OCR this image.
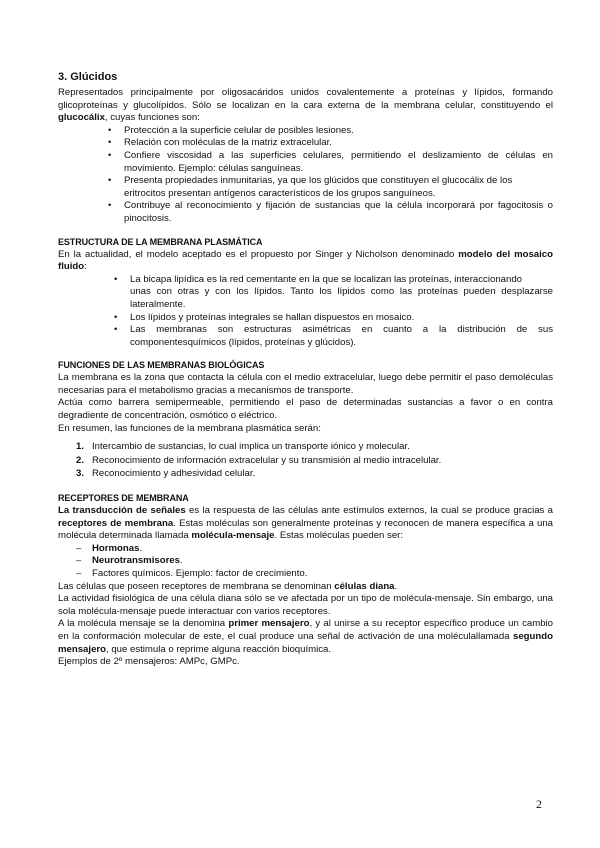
3. Glúcidos

Representados principalmente por oligosacáridos unidos covalentemente a proteínas y lípidos, formando glicoproteínas y glucolípidos. Sólo se localizan en la cara externa de la membrana celular, constituyendo el glucocálix, cuyas funciones son:

• Protección a la superficie celular de posibles lesiones.
• Relación con moléculas de la matriz extracelular.
• Confiere viscosidad a las superficies celulares, permitiendo el deslizamiento de células en movimiento. Ejemplo: células sanguíneas.
• Presenta propiedades inmunitarias, ya que los glúcidos que constituyen el glucocálix de los
eritrocitos presentan antígenos característicos de los grupos sanguíneos.
• Contribuye al reconocimiento y fijación de sustancias que la célula incorporará por fagocitosis o pinocitosis.
ESTRUCTURA DE LA MEMBRANA PLASMÁTICA

En la actualidad, el modelo aceptado es el propuesto por Singer y Nicholson denominado modelo del mosaico fluido:

• La bicapa lipídica es la red cementante en la que se localizan las proteínas, interaccionando
unas con otras y con los lípidos. Tanto los lípidos como las proteínas pueden desplazarse lateralmente.
• Los lípidos y proteínas integrales se hallan dispuestos en mosaico.
• Las membranas son estructuras asimétricas en cuanto a la distribución de sus componentesquímicos (lípidos, proteínas y glúcidos).
FUNCIONES DE LAS MEMBRANAS BIOLÓGICAS

La membrana es la zona que contacta la célula con el medio extracelular, luego debe permitir el paso demoléculas necesarias para el metabolismo gracias a mecanismos de transporte.

Actúa como barrera semipermeable, permitiendo el paso de determinadas sustancias a favor o en contra degradiente de concentración, osmótico o eléctrico.

En resumen, las funciones de la membrana plasmática serán:

1. Intercambio de sustancias, lo cual implica un transporte iónico y molecular.
2. Reconocimiento de información extracelular y su transmisión al medio intracelular.
3. Reconocimiento y adhesividad celular.
RECEPTORES DE MEMBRANA

La transducción de señales es la respuesta de las células ante estímulos externos, la cual se produce gracias a receptores de membrana. Estas moléculas son generalmente proteínas y reconocen de manera específica a una molécula determinada llamada molécula-mensaje. Estas moléculas pueden ser:

– Hormonas.
– Neurotransmisores.
– Factores químicos. Ejemplo: factor de crecimiento.

Las células que poseen receptores de membrana se denominan células diana.

La actividad fisiológica de una célula diana sólo se ve afectada por un tipo de molécula-mensaje. Sin embargo, una sola molécula-mensaje puede interactuar con varios receptores.

A la molécula mensaje se la denomina primer mensajero, y al unirse a su receptor específico produce un cambio en la conformación molecular de este, el cual produce una señal de activación de una moléculallamada segundo mensajero, que estimula o reprime alguna reacción bioquímica.

Ejemplos de 2º mensajeros: AMPc, GMPc.

2
